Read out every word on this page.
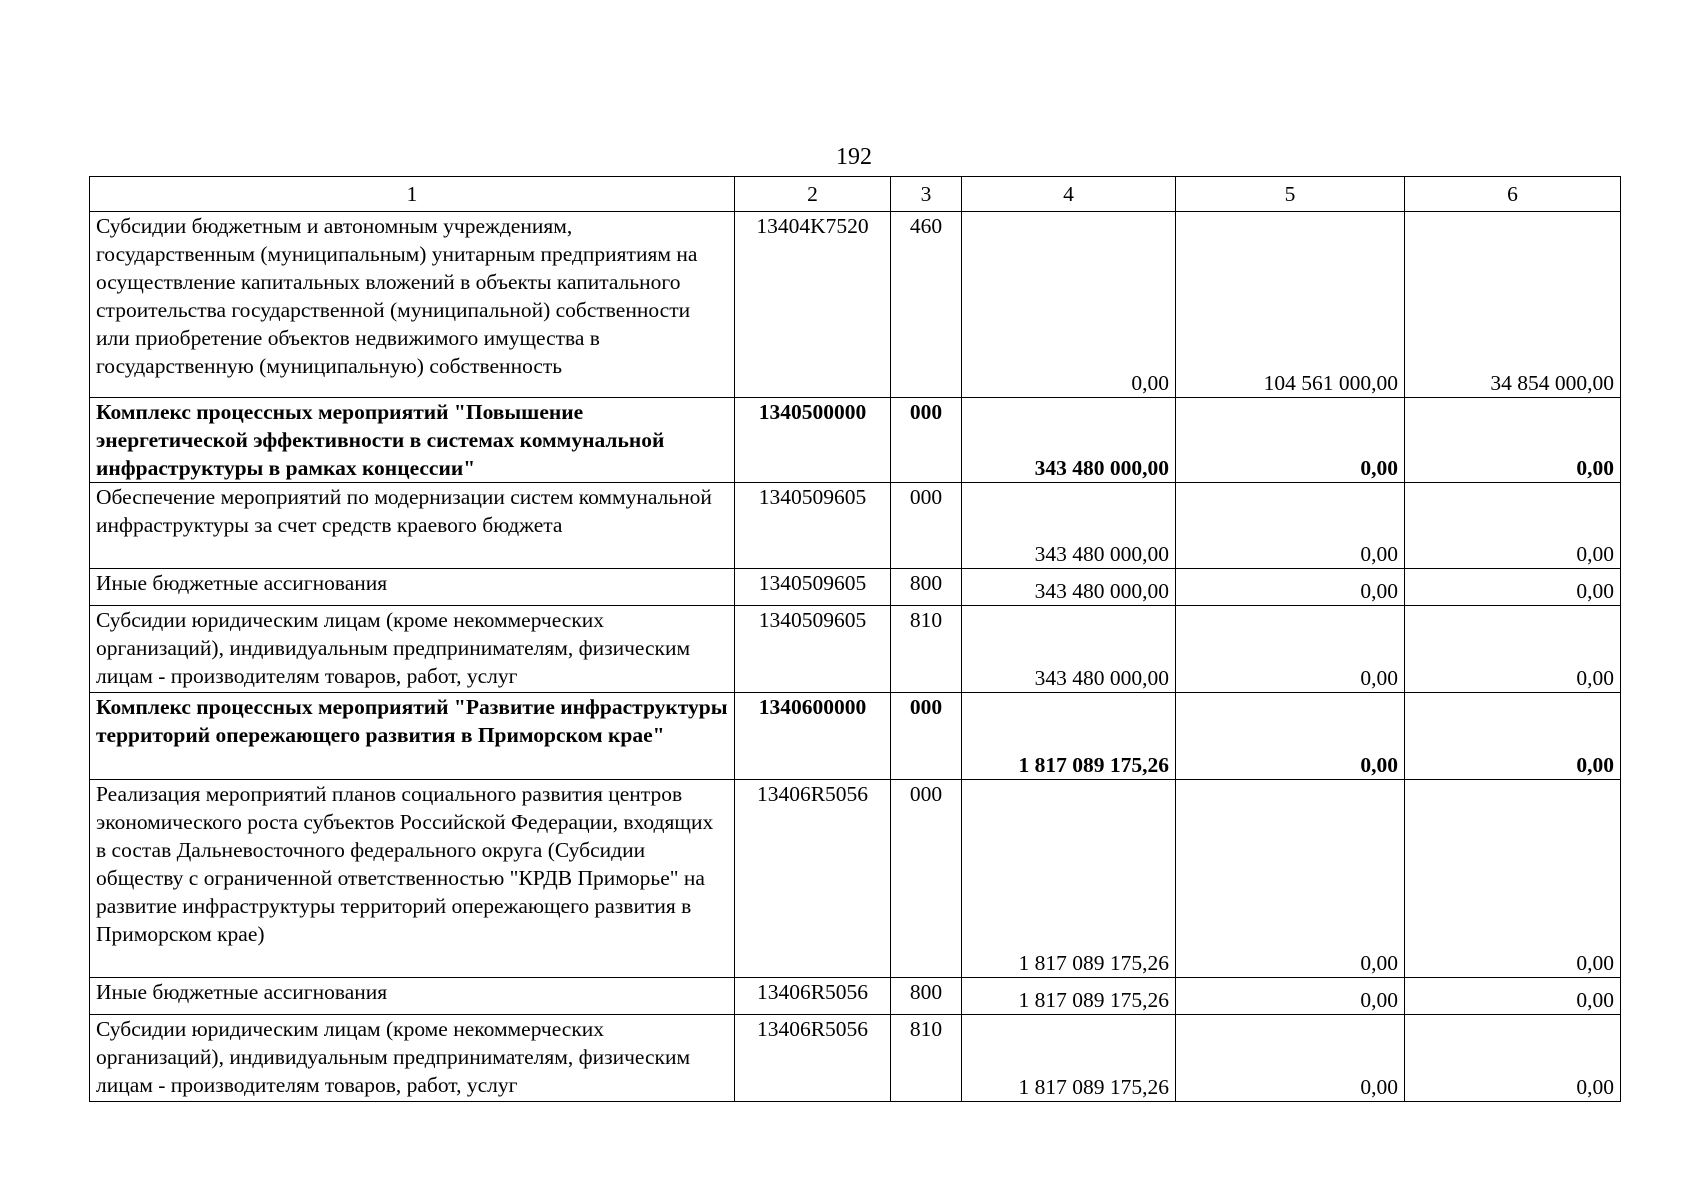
192
1	2	3	4	5	6
Субсидии бюджетным и автономным учреждениям, государственным (муниципальным) унитарным предприятиям на осуществление капитальных вложений в объекты капитального строительства государственной (муниципальной) собственности или приобретение объектов недвижимого имущества в государственную (муниципальную) собственность	13404K7520	460	0,00	104 561 000,00	34 854 000,00
Комплекс процессных мероприятий "Повышение энергетической эффективности в системах коммунальной инфраструктуры в рамках концессии"	1340500000	000	343 480 000,00	0,00	0,00
Обеспечение мероприятий по модернизации систем коммунальной инфраструктуры за счет средств краевого бюджета	1340509605	000	343 480 000,00	0,00	0,00
Иные бюджетные ассигнования	1340509605	800	343 480 000,00	0,00	0,00
Субсидии юридическим лицам (кроме некоммерческих организаций), индивидуальным предпринимателям, физическим лицам - производителям товаров, работ, услуг	1340509605	810	343 480 000,00	0,00	0,00
Комплекс процессных мероприятий "Развитие инфраструктуры территорий опережающего развития в Приморском крае"	1340600000	000	1 817 089 175,26	0,00	0,00
Реализация мероприятий планов социального развития центров экономического роста субъектов Российской Федерации, входящих в состав Дальневосточного федерального округа (Субсидии обществу с ограниченной ответственностью "КРДВ Приморье" на развитие инфраструктуры территорий опережающего развития в Приморском крае)	13406R5056	000	1 817 089 175,26	0,00	0,00
Иные бюджетные ассигнования	13406R5056	800	1 817 089 175,26	0,00	0,00
Субсидии юридическим лицам (кроме некоммерческих организаций), индивидуальным предпринимателям, физическим лицам - производителям товаров, работ, услуг	13406R5056	810	1 817 089 175,26	0,00	0,00
